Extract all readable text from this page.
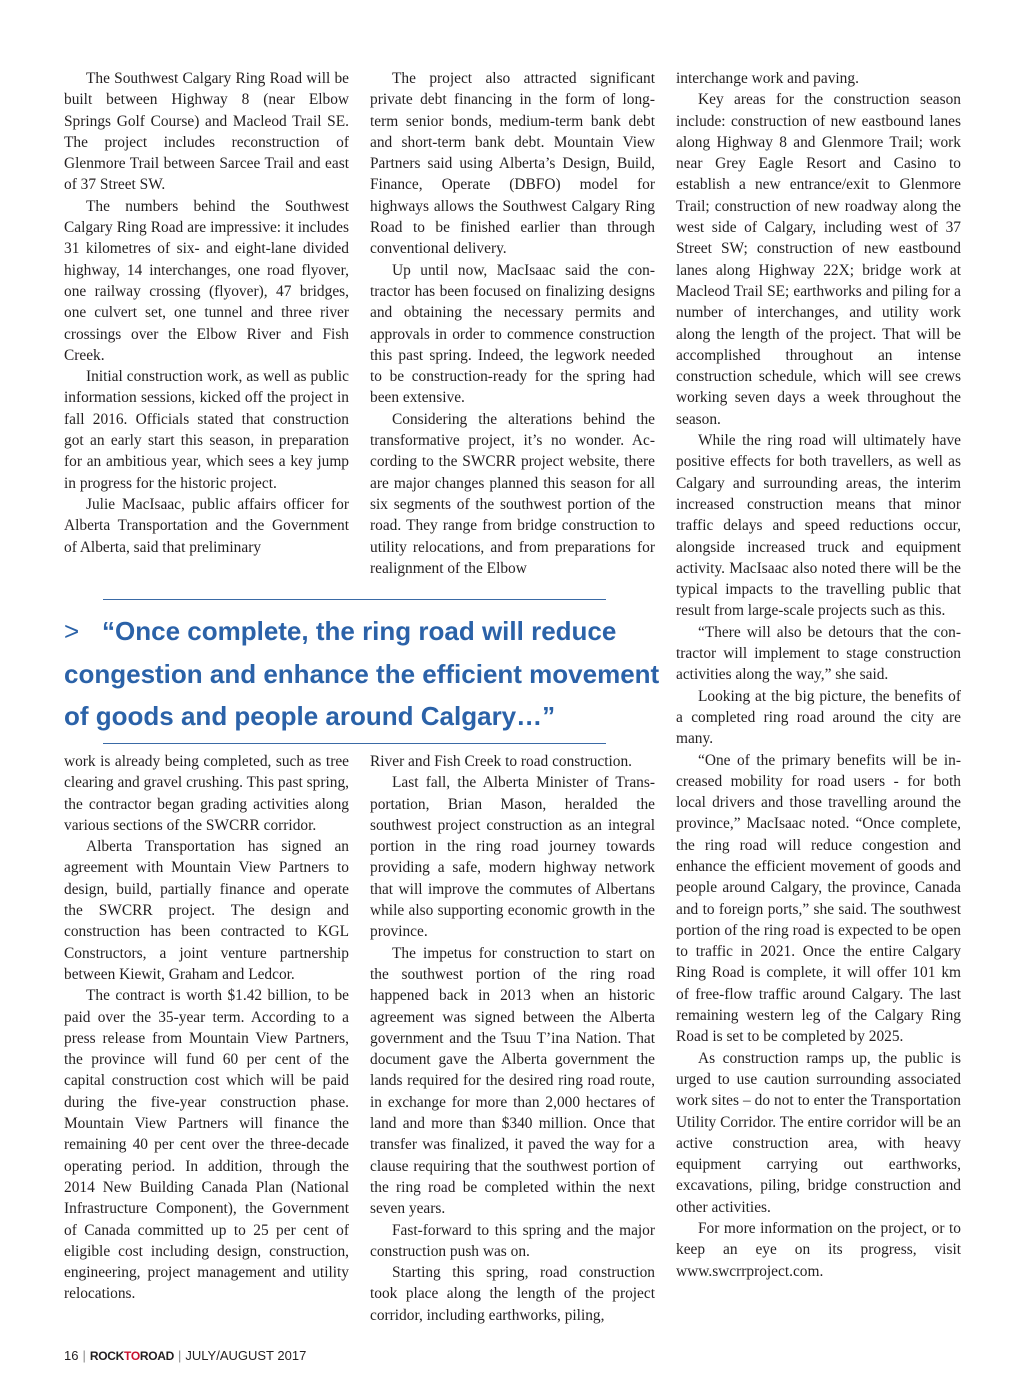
The Southwest Calgary Ring Road will be built between Highway 8 (near Elbow Springs Golf Course) and Macleod Trail SE. The project includes reconstruction of Glenmore Trail between Sarcee Trail and east of 37 Street SW.

The numbers behind the Southwest Calgary Ring Road are impressive: it includes 31 kilometres of six- and eight-lane divided highway, 14 interchanges, one road flyover, one railway crossing (flyover), 47 bridges, one culvert set, one tunnel and three river crossings over the Elbow River and Fish Creek.

Initial construction work, as well as public information sessions, kicked off the project in fall 2016. Officials stated that construction got an early start this season, in preparation for an ambitious year, which sees a key jump in progress for the historic project.

Julie MacIsaac, public affairs officer for Alberta Transportation and the Government of Alberta, said that preliminary

The project also attracted significant private debt financing in the form of long-term senior bonds, medium-term bank debt and short-term bank debt. Mountain View Partners said using Alberta’s Design, Build, Finance, Operate (DBFO) model for highways allows the Southwest Calgary Ring Road to be finished earlier than through conventional delivery.

Up until now, MacIsaac said the contractor has been focused on finalizing designs and obtaining the necessary permits and approvals in order to commence construction this past spring. Indeed, the legwork needed to be construction-ready for the spring had been extensive.

Considering the alterations behind the transformative project, it’s no wonder. According to the SWCRR project website, there are major changes planned this season for all six segments of the southwest portion of the road. They range from bridge construction to utility relocations, and from preparations for realignment of the Elbow

> “Once complete, the ring road will reduce
congestion and enhance the efficient movement
of goods and people around Calgary…”

work is already being completed, such as tree clearing and gravel crushing. This past spring, the contractor began grading activities along various sections of the SWCRR corridor.

Alberta Transportation has signed an agreement with Mountain View Partners to design, build, partially finance and operate the SWCRR project. The design and construction has been contracted to KGL Constructors, a joint venture partnership between Kiewit, Graham and Ledcor.

The contract is worth $1.42 billion, to be paid over the 35-year term. According to a press release from Mountain View Partners, the province will fund 60 per cent of the capital construction cost which will be paid during the five-year construction phase. Mountain View Partners will finance the remaining 40 per cent over the three-decade operating period. In addition, through the 2014 New Building Canada Plan (National Infrastructure Component), the Government of Canada committed up to 25 per cent of eligible cost including design, construction, engineering, project management and utility relocations.

River and Fish Creek to road construction.

Last fall, the Alberta Minister of Transportation, Brian Mason, heralded the southwest project construction as an integral portion in the ring road journey towards providing a safe, modern highway network that will improve the commutes of Albertans while also supporting economic growth in the province.

The impetus for construction to start on the southwest portion of the ring road happened back in 2013 when an historic agreement was signed between the Alberta government and the Tsuu T’ina Nation. That document gave the Alberta government the lands required for the desired ring road route, in exchange for more than 2,000 hectares of land and more than $340 million. Once that transfer was finalized, it paved the way for a clause requiring that the southwest portion of the ring road be completed within the next seven years.

Fast-forward to this spring and the major construction push was on.

Starting this spring, road construction took place along the length of the project corridor, including earthworks, piling,

interchange work and paving.

Key areas for the construction season include: construction of new eastbound lanes along Highway 8 and Glenmore Trail; work near Grey Eagle Resort and Casino to establish a new entrance/exit to Glenmore Trail; construction of new roadway along the west side of Calgary, including west of 37 Street SW; construction of new eastbound lanes along Highway 22X; bridge work at Macleod Trail SE; earthworks and piling for a number of interchanges, and utility work along the length of the project. That will be accomplished throughout an intense construction schedule, which will see crews working seven days a week throughout the season.

While the ring road will ultimately have positive effects for both travellers, as well as Calgary and surrounding areas, the interim increased construction means that minor traffic delays and speed reductions occur, alongside increased truck and equipment activity. MacIsaac also noted there will be the typical impacts to the travelling public that result from large-scale projects such as this.

“There will also be detours that the contractor will implement to stage construction activities along the way,” she said.

Looking at the big picture, the benefits of a completed ring road around the city are many.

“One of the primary benefits will be increased mobility for road users - for both local drivers and those travelling around the province,” MacIsaac noted. “Once complete, the ring road will reduce congestion and enhance the efficient movement of goods and people around Calgary, the province, Canada and to foreign ports,” she said. The southwest portion of the ring road is expected to be open to traffic in 2021. Once the entire Calgary Ring Road is complete, it will offer 101 km of free-flow traffic around Calgary. The last remaining western leg of the Calgary Ring Road is set to be completed by 2025.

As construction ramps up, the public is urged to use caution surrounding associated work sites – do not to enter the Transportation Utility Corridor. The entire corridor will be an active construction area, with heavy equipment carrying out earthworks, excavations, piling, bridge construction and other activities.

For more information on the project, or to keep an eye on its progress, visit www.swcrrproject.com.

16 | ROCKTOROAD | JULY/AUGUST 2017
